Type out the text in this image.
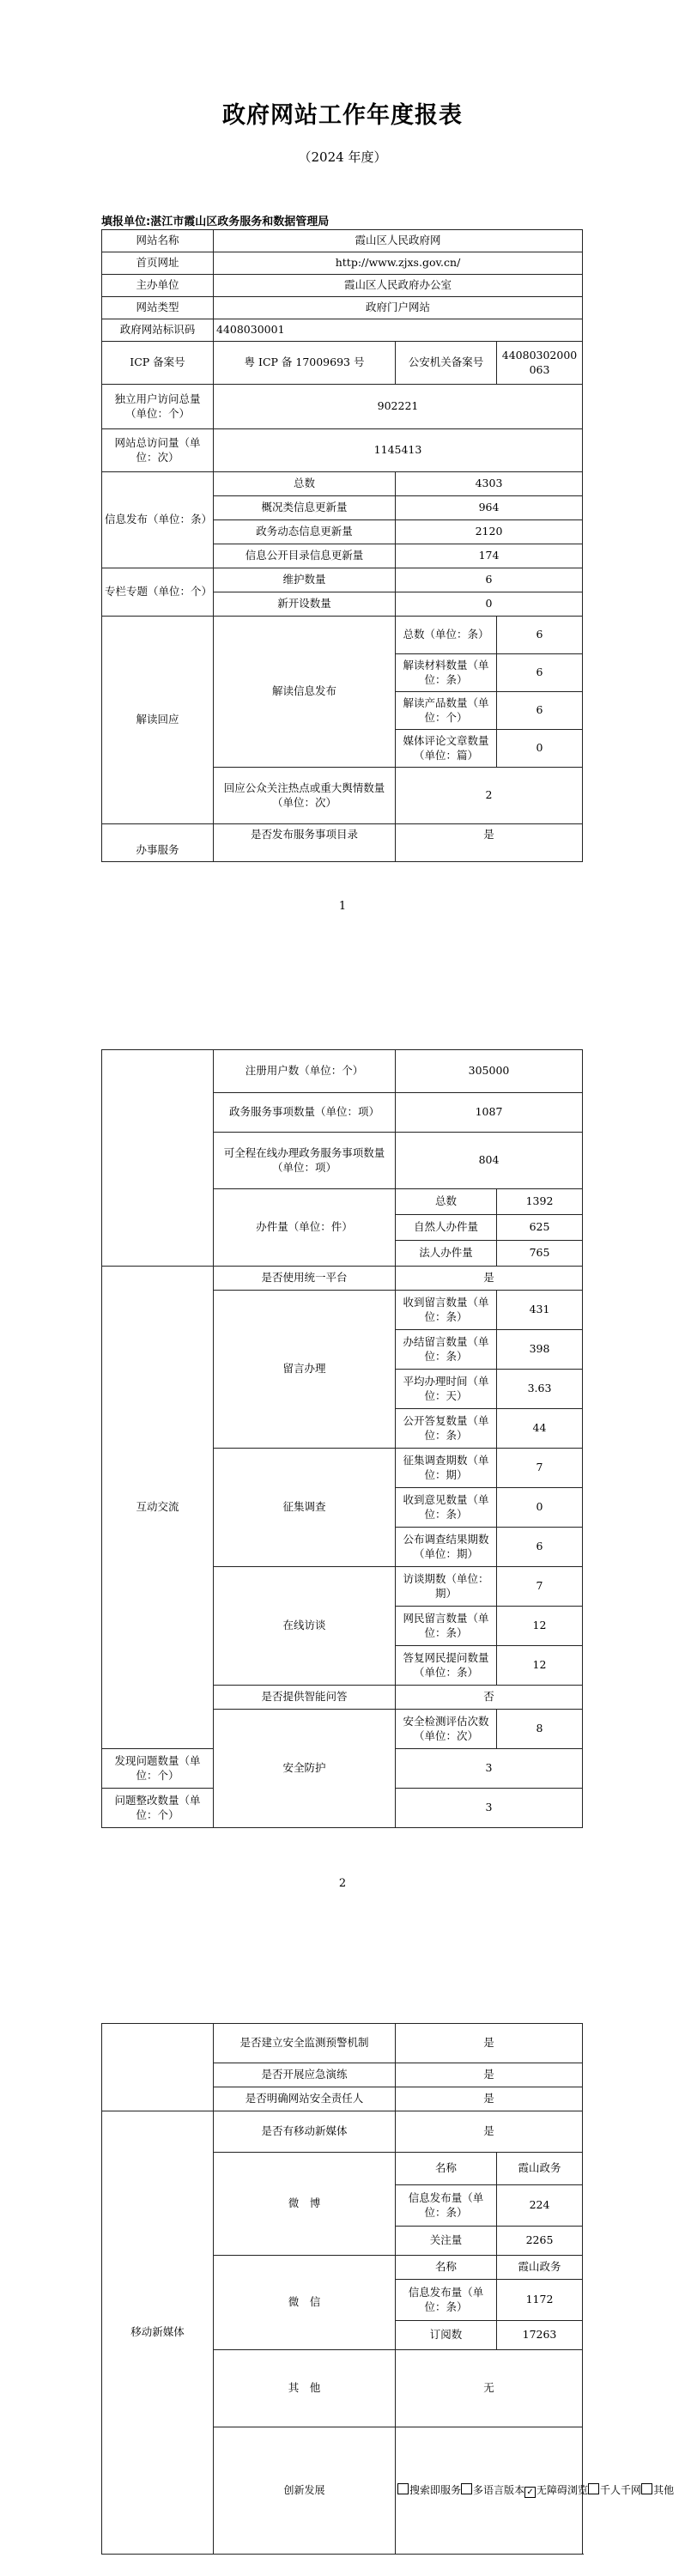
政府网站工作年度报表
（2024 年度）
填报单位:湛江市霞山区政务服务和数据管理局
网站名称	霞山区人民政府网		
首页网址	http://www.zjxs.gov.cn/		
主办单位	霞山区人民政府办公室		
网站类型	政府门户网站		
政府网站标识码	4408030001		
ICP 备案号	粤 ICP 备 17009693 号	公安机关备案号	44080302000063
独立用户访问总量（单位：个）	902221		
网站总访问量（单位：次）	1145413		
信息发布（单位：条）	总数	4303	
	概况类信息更新量	964	
	政务动态信息更新量	2120	
	信息公开目录信息更新量	174	
专栏专题（单位：个）	维护数量	6	
	新开设数量	0	
解读回应	解读信息发布	总数（单位：条）	6
		解读材料数量（单位：条）	6
		解读产品数量（单位：个）	6
		媒体评论文章数量（单位：篇）	0
	回应公众关注热点或重大舆情数量（单位：次）	2	
办事服务	是否发布服务事项目录	是	
1
	注册用户数（单位：个）	305000	
	政务服务事项数量（单位：项）	1087	
	可全程在线办理政务服务事项数量（单位：项）	804	
	办件量（单位：件）	总数	1392
		自然人办件量	625
		法人办件量	765
互动交流	是否使用统一平台	是	
	留言办理	收到留言数量（单位：条）	431
		办结留言数量（单位：条）	398
		平均办理时间（单位：天）	3.63
		公开答复数量（单位：条）	44
	征集调查	征集调查期数（单位：期）	7
		收到意见数量（单位：条）	0
		公布调查结果期数（单位：期）	6
	在线访谈	访谈期数（单位：期）	7
		网民留言数量（单位：条）	12
		答复网民提问数量（单位：条）	12
	是否提供智能问答	否	
	安全防护	安全检测评估次数（单位：次）	8
发现问题数量（单位：个）		3	
问题整改数量（单位：个）		3	
2
	是否建立安全监测预警机制	是	
	是否开展应急演练	是	
	是否明确网站安全责任人	是	
移动新媒体	是否有移动新媒体	是	
	微　博	名称	霞山政务
		信息发布量（单位：条）	224
		关注量	2265
	微　信	名称	霞山政务
		信息发布量（单位：条）	1172
		订阅数	17263
	其　他	无	
	创新发展	搜索即服务 多语言版本 ✓ 无障碍浏览 千人千网 其他	
